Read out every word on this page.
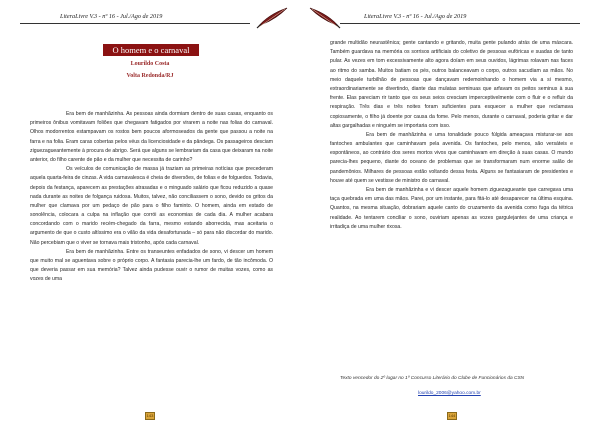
LiteraLivre V.3 - nº 16 - Jul./Ago de 2019
O homem e o carnaval
Lourildo Costa
Volta Redonda/RJ

Era bem de manhãzinha. As pessoas ainda dormiam dentro de suas casas, enquanto os primeiros ônibus vomitavam foliões que chegavam fatigados por virarem a noite nas folias do carnaval. Olhos modorrentos estampavam os rostos bem poucos aformoseados da gente que passou a noite na farra e na folia. Eram caras cobertas pelos véus da licenciosidade e da pândega. Os passageiros desciam ziguezagueantemente à procura de abrigo. Será que alguns se lembrariam da casa que deixaram na noite anterior, do filho carente de pão e da mulher que necessita de carinho?

Os veículos de comunicação de massa já traziam as primeiras notícias que precederam aquela quarta-feira de cinzas. A vida carnavalesca é cheia de diversões, de folias e de folguedos. Todavia, depois da festança, aparecem as prestações atrasadas e o minguado salário que ficou reduzido a quase nada durante as noites de folgança ruidosa. Muitos, talvez, não conciliassem o sono, devido os gritos da mulher que clamava por um pedaço de pão para o filho faminto. O homem, ainda em estado de sonolência, colocara a culpa na inflação que corrói as economias de cada dia. A mulher acabara concordando com o marido recém-chegado da farra, mesmo estando aborrecida, mas aceitaria o argumento de que o custo altíssimo era o vilão da vida desafortunada – só para não discordar do marido. Não percebiam que o viver se tornava mais tristonho, após cada carnaval.

Era bem de manhãzinha. Entre os transeuntes enfadados de sono, vi descer um homem que muito mal se aguentava sobre o próprio corpo. A fantasia parecia-lhe um fardo, de tão incômoda. O que deveria passar em sua memória? Talvez ainda pudesse ouvir o rumor de muitas vozes, como as vozes de uma

143
LiteraLivre V.3 - nº 16 - Jul./Ago de 2019

grande multidão neurastênica; gente cantando e gritando, muita gente pulando atrás de uma máscara. Também guardava na memória os sorrisos artificiais do coletivo de pessoas eufóricas e suadas de tanto pular. As vezes em tom excessivamente alto agora doíam em seus ouvidos, lágrimas rolavam nas faces ao ritmo do samba. Muitos batiam os pés, outros balanceavam o corpo, outros sacudiam as mãos. No meio daquele turbilhão de pessoas que dançavam redemoinhando o homem via a si mesmo, extraordinariamente se divertindo, diante das mulatas seminuas que arfavam os peitos seminus à sua frente. Elas pareciam rir tanto que os seus seios cresciam imperceptivelmente com o fluir e o refluir da respiração. Três dias e três noites foram suficientes para esquecer a mulher que reclamava copiosamente, o filho já doente por causa da fome. Pelo menos, durante o carnaval, poderia gritar e dar altas gargalhadas e ninguém se importaria com isso.

Era bem de manhãzinha e uma tonalidade pouco fúlgida ameaçava misturar-se aos fantoches ambulantes que caminhavam pela avenida. Os fantoches, pelo menos, são versáteis e espontâneos, ao contrário dos seres mortos vivos que caminhavam em direção à suas casas. O mundo parecia-lhes pequeno, diante do oceano de problemas que se transformaram num enorme salão de pandemônios. Milhares de pessoas estão voltando dessa festa. Alguns se fantasiaram de presidentes e houve até quem se vestisse de ministro do carnaval.

Era bem de manhãzinha e vi descer aquele homem ziguezagueante que carregava uma taça quebrada em uma das mãos. Parei, por um instante, para fitá-lo até desaparecer na última esquina. Quantos, na mesma situação, dobrariam aquele canto do cruzamento da avenida como fuga da tétrica realidade. Ao tentarem conciliar o sono, ouviriam apenas as vozes gargulejantes de uma criança e irritadiça de uma mulher rixosa.

Texto vencedor do 2º lugar no 1º Concurso Literário do Clube de Funcionários da CSN
lourildo_2006@yahoo.com.br
144
